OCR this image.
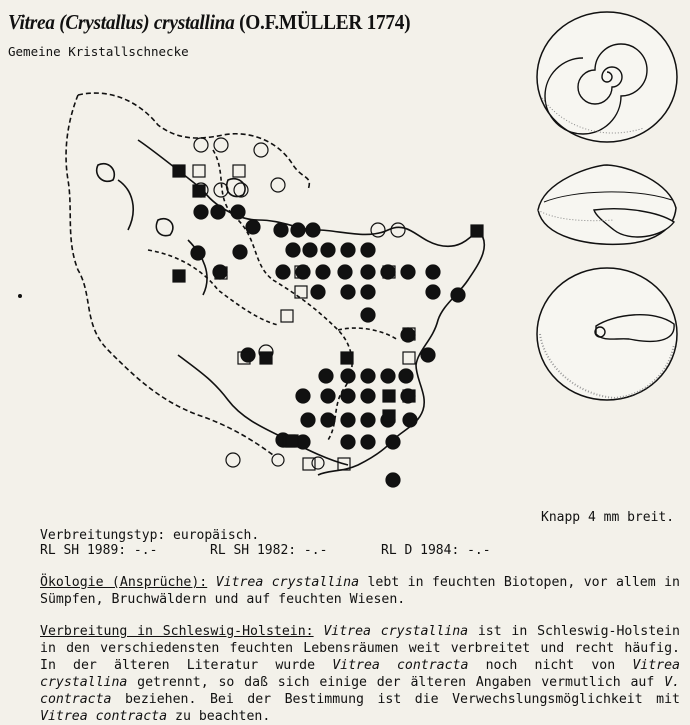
Vitrea (Crystallus) crystallina (O.F.MÜLLER 1774)
Gemeine Kristallschnecke
Knapp 4 mm breit.
Verbreitungstyp: europäisch.
RL SH 1989: -.-	RL SH 1982: -.-	RL D 1984: -.-
Ökologie (Ansprüche): Vitrea crystallina lebt in feuchten Biotopen, vor allem in Sümpfen, Bruchwäldern und auf feuchten Wiesen.
Verbreitung in Schleswig-Holstein: Vitrea crystallina ist in Schleswig-Holstein in den verschiedensten feuchten Lebensräumen weit verbreitet und recht häufig. In der älteren Literatur wurde Vitrea contracta noch nicht von Vitrea crystallina getrennt, so daß sich einige der älteren Angaben vermutlich auf V. contracta beziehen. Bei der Bestimmung ist die Verwechslungsmöglichkeit mit Vitrea contracta zu beachten.
